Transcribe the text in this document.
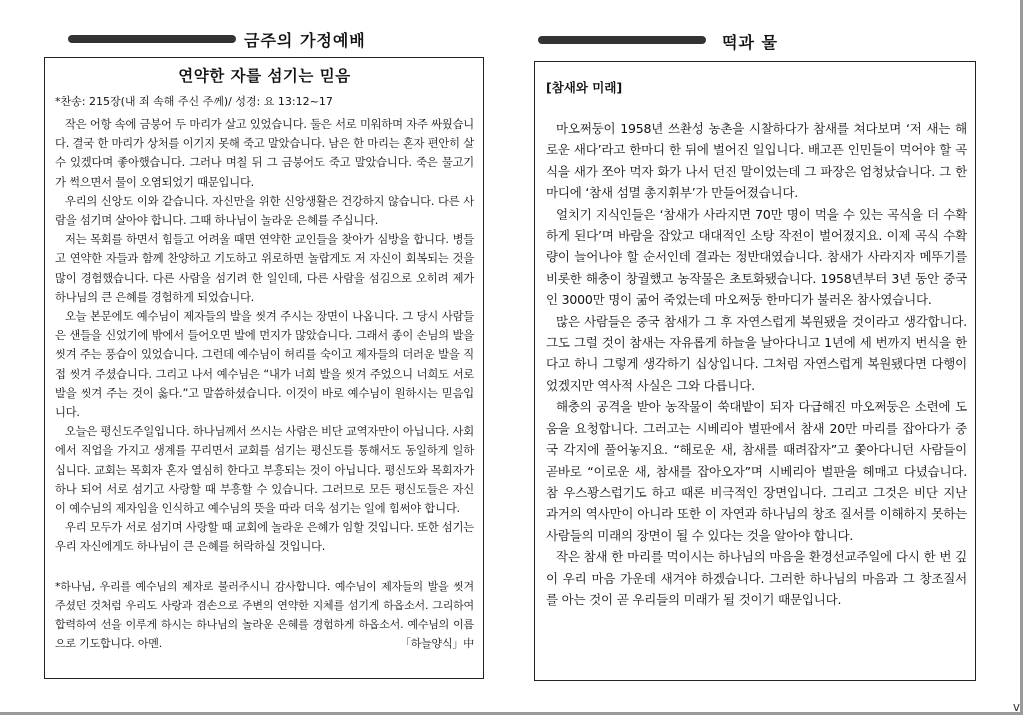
금주의 가정예배	떡과 물
연약한 자를 섬기는 믿음
*찬송: 215장(내 죄 속해 주신 주께)/ 성경: 요 13:12~17

작은 어항 속에 금붕어 두 마리가 살고 있었습니다. 둘은 서로 미워하며 자주 싸웠습니다. 결국 한 마리가 상처를 이기지 못해 죽고 말았습니다. 남은 한 마리는 혼자 편안히 살 수 있겠다며 좋아했습니다. 그러나 며칠 뒤 그 금붕어도 죽고 말았습니다. 죽은 물고기가 썩으면서 물이 오염되었기 때문입니다.

우리의 신앙도 이와 같습니다. 자신만을 위한 신앙생활은 건강하지 않습니다. 다른 사람을 섬기며 살아야 합니다. 그때 하나님이 놀라운 은혜를 주십니다.

저는 목회를 하면서 힘들고 어려울 때면 연약한 교인들을 찾아가 심방을 합니다. 병들고 연약한 자들과 함께 찬양하고 기도하고 위로하면 놀랍게도 저 자신이 회복되는 것을 많이 경험했습니다. 다른 사람을 섬기려 한 일인데, 다른 사람을 섬김으로 오히려 제가 하나님의 큰 은혜를 경험하게 되었습니다.

오늘 본문에도 예수님이 제자들의 발을 씻겨 주시는 장면이 나옵니다. 그 당시 사람들은 샌들을 신었기에 밖에서 들어오면 발에 먼지가 많았습니다. 그래서 종이 손님의 발을 씻겨 주는 풍습이 있었습니다. 그런데 예수님이 허리를 숙이고 제자들의 더러운 발을 직접 씻겨 주셨습니다. 그리고 나서 예수님은 “내가 너희 발을 씻겨 주었으니 너희도 서로 발을 씻겨 주는 것이 옳다.”고 말씀하셨습니다. 이것이 바로 예수님이 원하시는 믿음입니다.

오늘은 평신도주일입니다. 하나님께서 쓰시는 사람은 비단 교역자만이 아닙니다. 사회에서 직업을 가지고 생계를 꾸리면서 교회를 섬기는 평신도를 통해서도 동일하게 일하십니다. 교회는 목회자 혼자 열심히 한다고 부흥되는 것이 아닙니다. 평신도와 목회자가 하나 되어 서로 섬기고 사랑할 때 부흥할 수 있습니다. 그러므로 모든 평신도들은 자신이 예수님의 제자임을 인식하고 예수님의 뜻을 따라 더욱 섬기는 일에 힘써야 합니다.

우리 모두가 서로 섬기며 사랑할 때 교회에 놀라운 은혜가 임할 것입니다. 또한 섬기는 우리 자신에게도 하나님이 큰 은혜를 허락하실 것입니다.

*하나님, 우리를 예수님의 제자로 불러주시니 감사합니다. 예수님이 제자들의 발을 씻겨 주셨던 것처럼 우리도 사랑과 겸손으로 주변의 연약한 지체를 섬기게 하옵소서. 그리하여 합력하여 선을 이루게 하시는 하나님의 놀라운 은혜를 경험하게 하옵소서. 예수님의 이름으로 기도합니다. 아멘.	「하늘양식」中

[참새와 미래]

마오쩌둥이 1958년 쓰촨성 농촌을 시찰하다가 참새를 쳐다보며 ‘저 새는 해로운 새다’라고 한마디 한 뒤에 벌어진 일입니다. 배고픈 인민들이 먹어야 할 곡식을 새가 쪼아 먹자 화가 나서 던진 말이었는데 그 파장은 엄청났습니다. 그 한마디에 ‘참새 섬멸 총지휘부’가 만들어졌습니다.

얼치기 지식인들은 ‘참새가 사라지면 70만 명이 먹을 수 있는 곡식을 더 수확하게 된다’며 바람을 잡았고 대대적인 소탕 작전이 벌어졌지요. 이제 곡식 수확량이 늘어나야 할 순서인데 결과는 정반대였습니다. 참새가 사라지자 메뚜기를 비롯한 해충이 창궐했고 농작물은 초토화됐습니다. 1958년부터 3년 동안 중국인 3000만 명이 굶어 죽었는데 마오쩌둥 한마디가 불러온 참사였습니다.

많은 사람들은 중국 참새가 그 후 자연스럽게 복원됐을 것이라고 생각합니다. 그도 그럴 것이 참새는 자유롭게 하늘을 날아다니고 1년에 세 번까지 번식을 한다고 하니 그렇게 생각하기 십상입니다. 그처럼 자연스럽게 복원됐다면 다행이었겠지만 역사적 사실은 그와 다릅니다.

해충의 공격을 받아 농작물이 쑥대밭이 되자 다급해진 마오쩌둥은 소련에 도움을 요청합니다. 그러고는 시베리아 벌판에서 참새 20만 마리를 잡아다가 중국 각지에 풀어놓지요. “해로운 새, 참새를 때려잡자”고 쫓아다니던 사람들이 곧바로 “이로운 새, 참새를 잡아오자”며 시베리아 벌판을 헤매고 다녔습니다. 참 우스꽝스럽기도 하고 때론 비극적인 장면입니다. 그리고 그것은 비단 지난 과거의 역사만이 아니라 또한 이 자연과 하나님의 창조 질서를 이해하지 못하는 사람들의 미래의 장면이 될 수 있다는 것을 알아야 합니다.

작은 참새 한 마리를 먹이시는 하나님의 마음을 환경선교주일에 다시 한 번 깊이 우리 마음 가운데 새겨야 하겠습니다. 그러한 하나님의 마음과 그 창조질서를 아는 것이 곧 우리들의 미래가 될 것이기 때문입니다.

v
